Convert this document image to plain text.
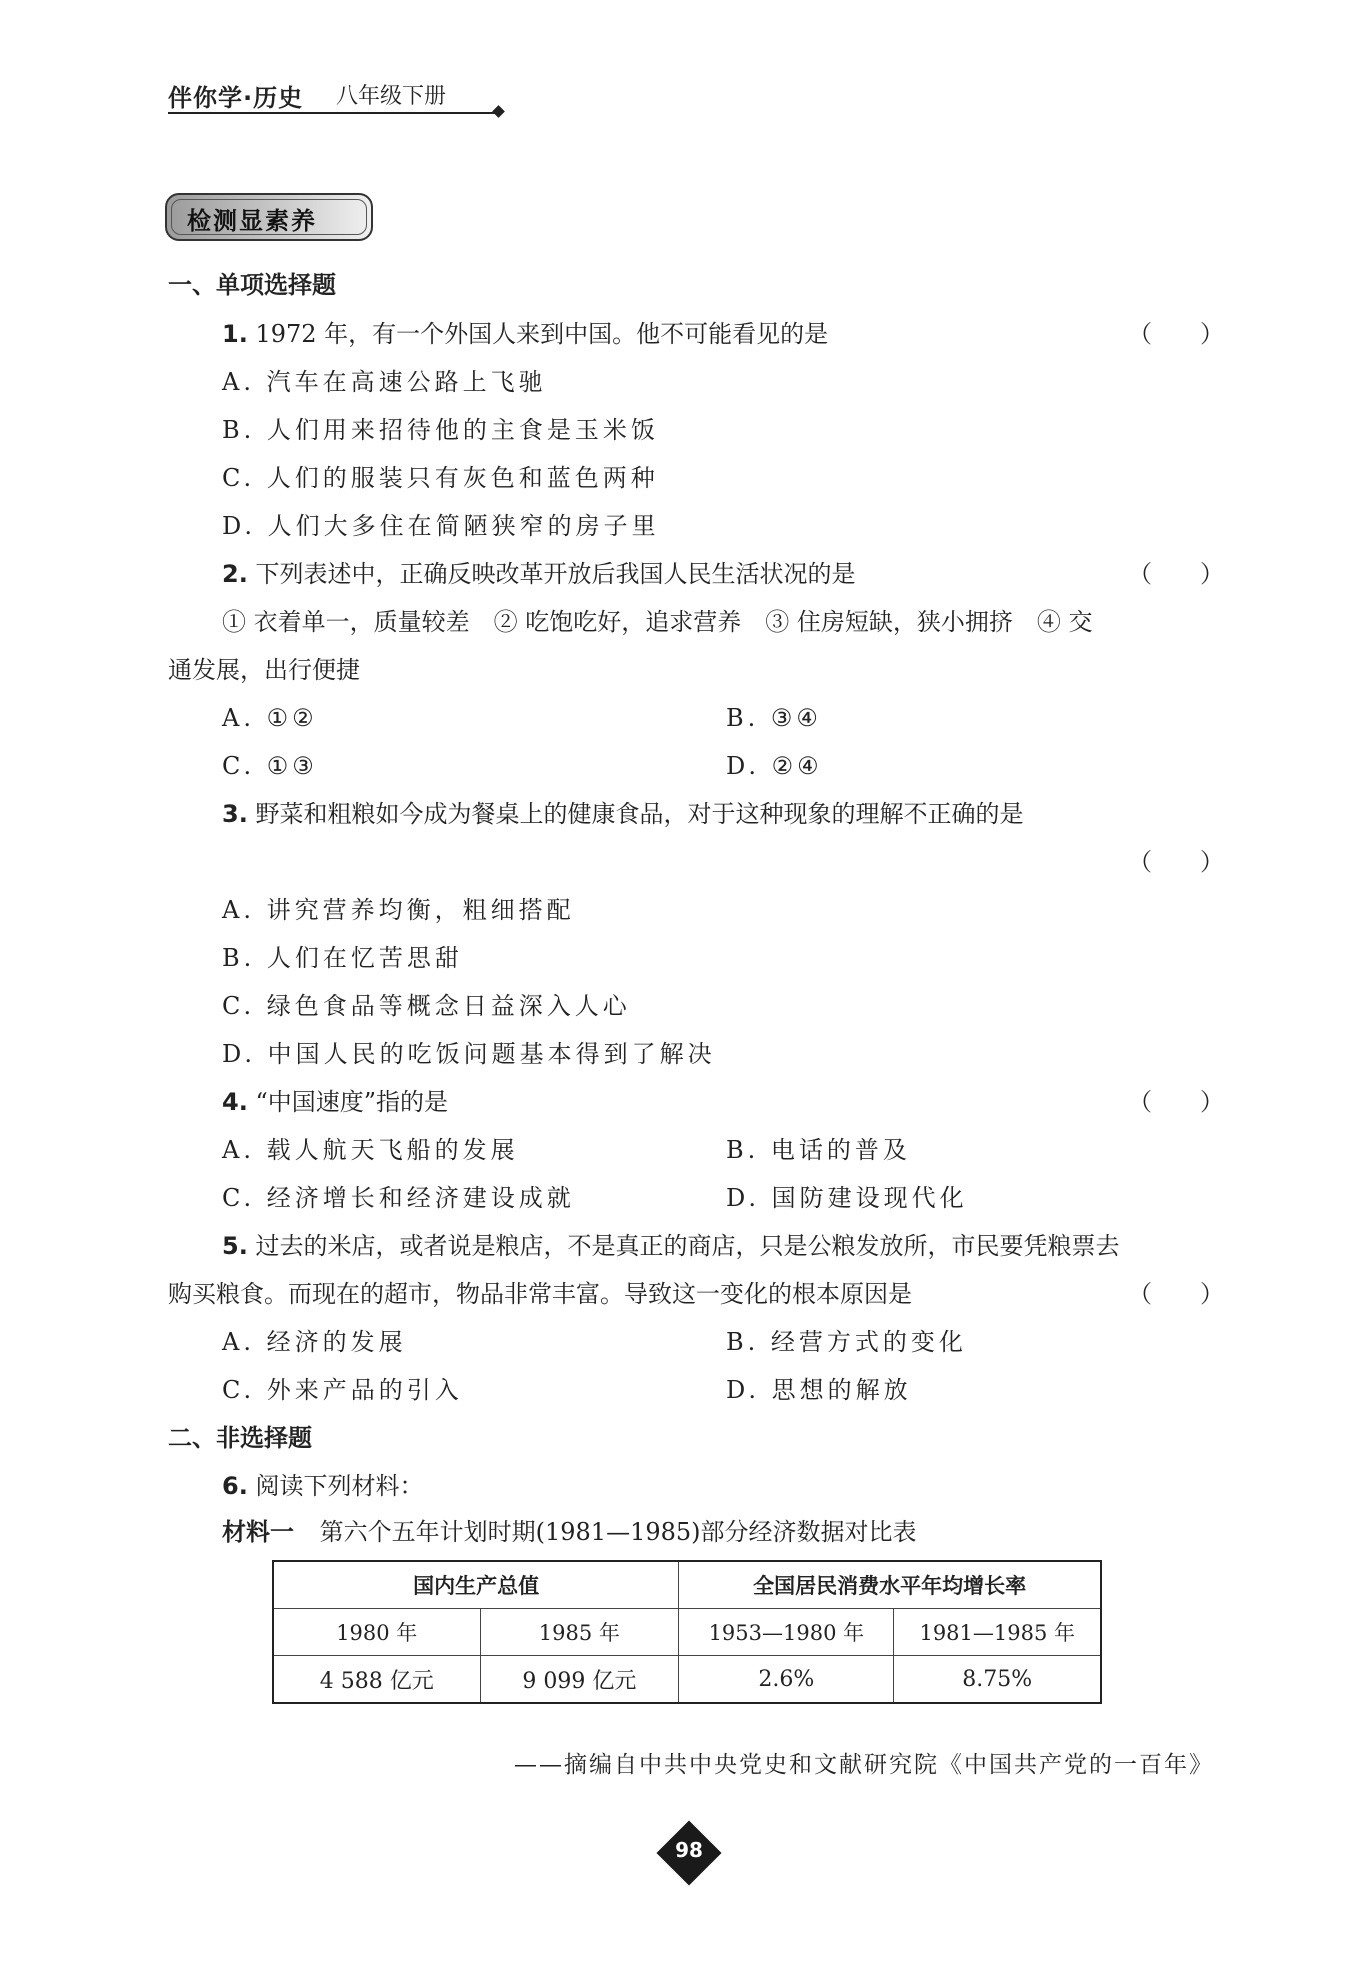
伴你学·历史 八年级下册
检测显素养
一、单项选择题
1. 1972 年，有一个外国人来到中国。他不可能看见的是	（　　）
A. 汽车在高速公路上飞驰
B. 人们用来招待他的主食是玉米饭
C. 人们的服装只有灰色和蓝色两种
D. 人们大多住在简陋狭窄的房子里
2. 下列表述中，正确反映改革开放后我国人民生活状况的是	（　　）
① 衣着单一，质量较差　② 吃饱吃好，追求营养　③ 住房短缺，狭小拥挤　④ 交
通发展，出行便捷
A. ①②	B. ③④
C. ①③	D. ②④
3. 野菜和粗粮如今成为餐桌上的健康食品，对于这种现象的理解不正确的是
（　　）
A. 讲究营养均衡，粗细搭配
B. 人们在忆苦思甜
C. 绿色食品等概念日益深入人心
D. 中国人民的吃饭问题基本得到了解决
4. “中国速度”指的是	（　　）
A. 载人航天飞船的发展	B. 电话的普及
C. 经济增长和经济建设成就	D. 国防建设现代化
5. 过去的米店，或者说是粮店，不是真正的商店，只是公粮发放所，市民要凭粮票去
购买粮食。而现在的超市，物品非常丰富。导致这一变化的根本原因是	（　　）
A. 经济的发展	B. 经营方式的变化
C. 外来产品的引入	D. 思想的解放
二、非选择题
6. 阅读下列材料：
材料一 第六个五年计划时期(1981—1985)部分经济数据对比表
国内生产总值		全国居民消费水平年均增长率	
1980 年	1985 年	1953—1980 年	1981—1985 年
4 588 亿元	9 099 亿元	2.6%	8.75%
——摘编自中共中央党史和文献研究院《中国共产党的一百年》
98
